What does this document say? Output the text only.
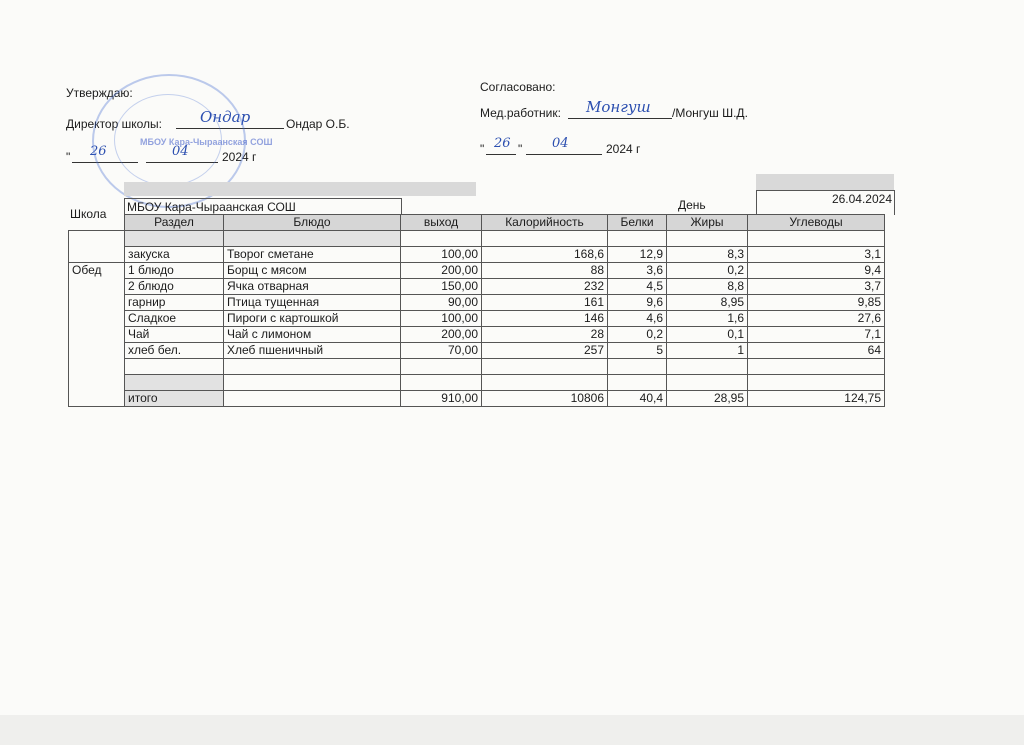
Утверждаю:
Директор школы:	Ондар	Ондар О.Б.
" 26	04	2024 г
МБОУ Кара-Чыраанская СОШ
Согласовано:
Мед.работник: Монгуш /Монгуш Ш.Д.
" 26 " 04	2024 г
Школа МБОУ Кара-Чыраанская СОШ	День	26.04.2024
	Раздел	Блюдо	выход	Калорийность	Белки	Жиры	Углеводы

	закуска	Творог сметане	100,00	168,6	12,9	8,3	3,1
Обед	1 блюдо	Борщ с мясом	200,00	88	3,6	0,2	9,4
	2 блюдо	Ячка отварная	150,00	232	4,5	8,8	3,7
	гарнир	Птица тущенная	90,00	161	9,6	8,95	9,85
	Сладкое	Пироги с картошкой	100,00	146	4,6	1,6	27,6
	Чай	Чай с лимоном	200,00	28	0,2	0,1	7,1
	хлеб бел.	Хлеб пшеничный	70,00	257	5	1	64

	итого		910,00	10806	40,4	28,95	124,75
